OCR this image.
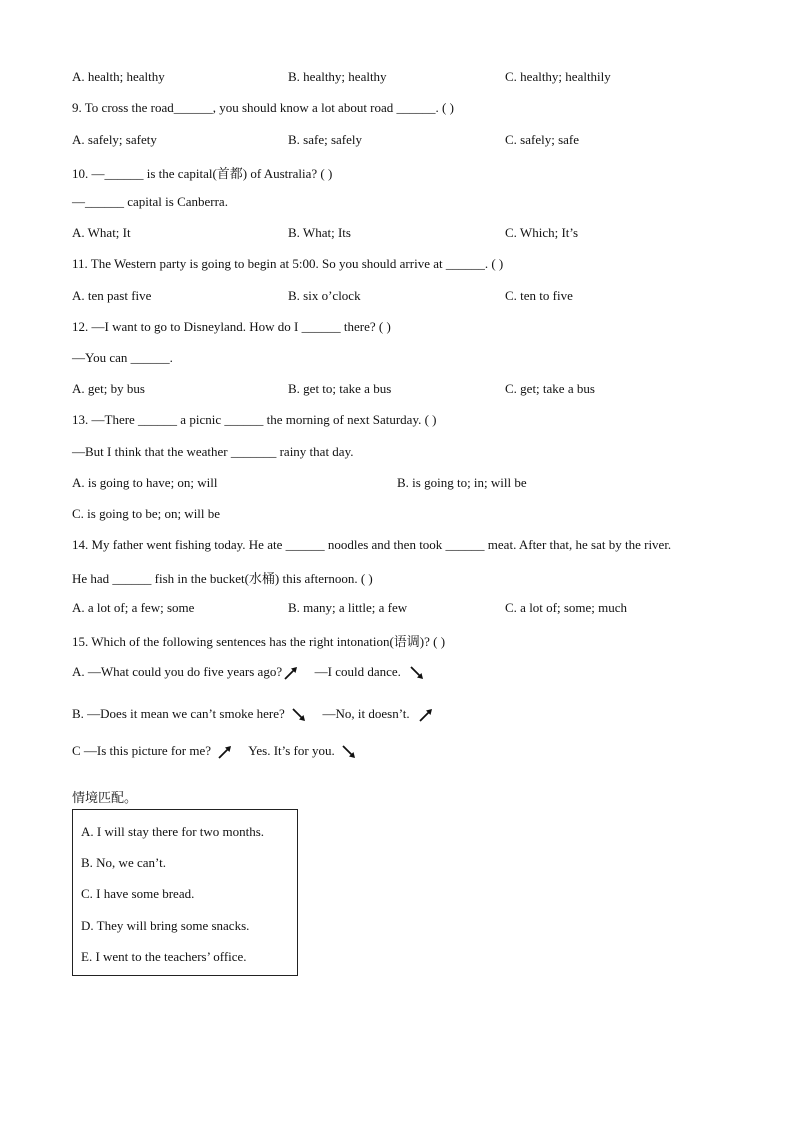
A. health; healthy	B. healthy; healthy	C. healthy; healthily
9. To cross the road______, you should know a lot about road ______. ( )
A. safely; safety	B. safe; safely	C. safely; safe
10. —______ is the capital(首都) of Australia? ( )
—______ capital is Canberra.
A. What; It	B. What; Its	C. Which; It’s
11. The Western party is going to begin at 5:00. So you should arrive at ______. ( )
A. ten past five	B. six o’clock	C. ten to five
12. —I want to go to Disneyland. How do I ______ there? ( )
—You can ______.
A. get; by bus	B. get to; take a bus	C. get; take a bus
13. —There ______ a picnic ______ the morning of next Saturday. ( )
—But I think that the weather _______ rainy that day.
A. is going to have; on; will	B. is going to; in; will be
C. is going to be; on; will be
14. My father went fishing today. He ate ______ noodles and then took ______ meat. After that, he sat by the river.
He had ______ fish in the bucket(水桶) this afternoon. ( )
A. a lot of; a few; some	B. many; a little; a few	C. a lot of; some; much
15. Which of the following sentences has the right intonation(语调)? ( )
A. —What could you do five years ago?	—I could dance.
B. —Does it mean we can’t smoke here?	—No, it doesn’t.
C —Is this picture for me?	Yes. It’s for you.
情境匹配。
A. I will stay there for two months.
B. No, we can’t.
C. I have some bread.
D. They will bring some snacks.
E. I went to the teachers’ office.
